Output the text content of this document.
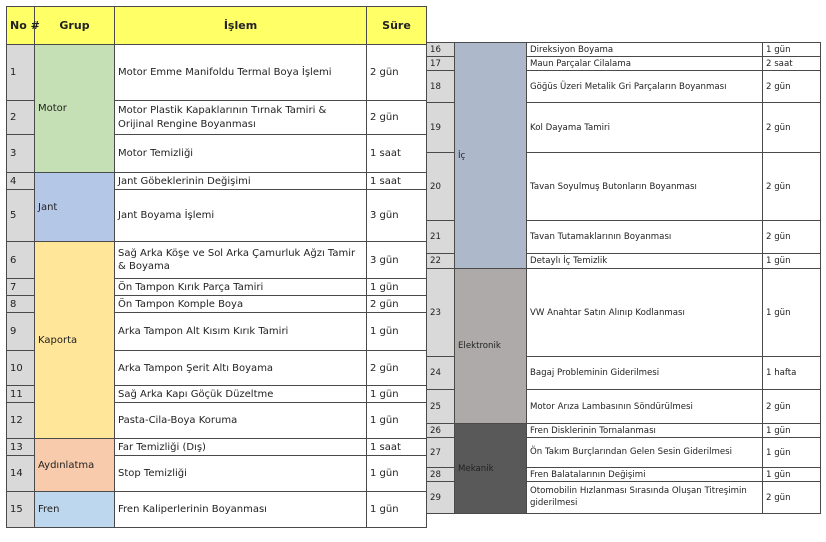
No #	Grup	İşlem	Süre
1	Motor	Motor Emme Manifoldu Termal Boya İşlemi	2 gün
2		Motor Plastik Kapaklarının Tırnak Tamiri & Orijinal Rengine Boyanması	2 gün
3		Motor Temizliği	1 saat
4	Jant	Jant Göbeklerinin Değişimi	1 saat
5		Jant Boyama İşlemi	3 gün
6	Kaporta	Sağ Arka Köşe ve Sol Arka Çamurluk Ağzı Tamir & Boyama	3 gün
7		Ön Tampon Kırık Parça Tamiri	1 gün
8		Ön Tampon Komple Boya	2 gün
9		Arka Tampon Alt Kısım Kırık Tamiri	1 gün
10		Arka Tampon Şerit Altı Boyama	2 gün
11		Sağ Arka Kapı Göçük Düzeltme	1 gün
12		Pasta-Cila-Boya Koruma	1 gün
13	Aydınlatma	Far Temizliği (Dış)	1 saat
14		Stop Temizliği	1 gün
15	Fren	Fren Kaliperlerinin Boyanması	1 gün
16	İç	Direksiyon Boyama	1 gün
17		Maun Parçalar Cilalama	2 saat
18		Göğüs Üzeri Metalik Gri Parçaların Boyanması	2 gün
19		Kol Dayama Tamiri	2 gün
20		Tavan Soyulmuş Butonların Boyanması	2 gün
21		Tavan Tutamaklarının Boyanması	2 gün
22		Detaylı İç Temizlik	1 gün
23	Elektronik	VW Anahtar Satın Alınıp Kodlanması	1 gün
24		Bagaj Probleminin Giderilmesi	1 hafta
25		Motor Arıza Lambasının Söndürülmesi	2 gün
26	Mekanik	Fren Disklerinin Tornalanması	1 gün
27		Ön Takım Burçlarından Gelen Sesin Giderilmesi	1 gün
28		Fren Balatalarının Değişimi	1 gün
29		Otomobilin Hızlanması Sırasında Oluşan Titreşimin giderilmesi	2 gün
